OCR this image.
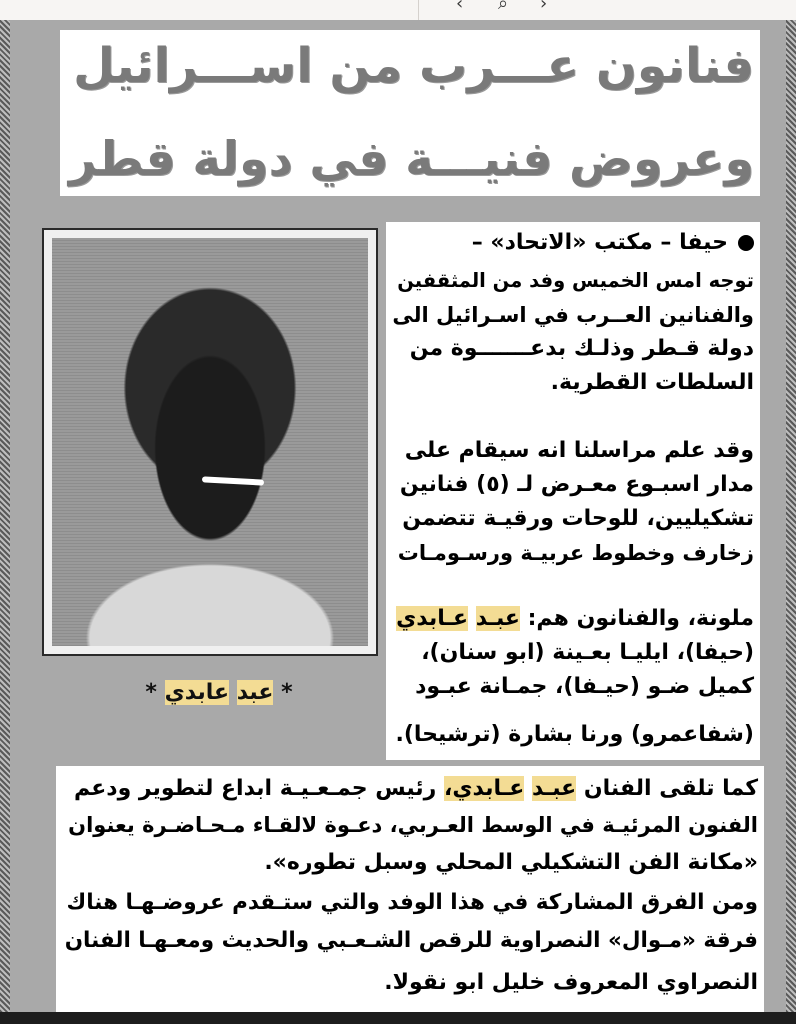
‹ ⌕ ›
فنانون عـــرب من اســـرائيل
وعروض فنيـــة في دولة قطر
* عبد عابدي *
حيفا – مكتب «الاتحاد» –
توجه امس الخميس وفد من المثقفين
والفنانين العــرب في اسـرائيل الى
دولة قـطر وذلـك بدعـــــــوة من
السلطات القطرية.
وقد علم مراسلنا انه سيقام على
مدار اسبـوع معـرض لـ (٥) فنانين
تشكيليين، للوحات ورقيـة تتضمن
زخارف وخطوط عربيـة ورسـومـات
ملونة، والفنانون هم: عبـد عـابدي
(حيفا)، ايليـا بعـينة (ابو سنان)،
كميل ضـو (حيـفا)، جمـانة عبـود
(شفاعمرو) ورنا بشارة (ترشيحا).
كما تلقى الفنان عبـد عـابدي، رئيس جمـعـيـة ابداع لتطوير ودعم
الفنون المرئيـة في الوسط العـربي، دعـوة لالقـاء مـحـاضـرة يعنوان
«مكانة الفن التشكيلي المحلي وسبل تطوره».
ومن الفرق المشاركة في هذا الوفد والتي ستـقدم عروضـهـا هناك
فرقة «مـوال» النصراوية للرقص الشـعـبي والحديث ومعـهـا الفنان
النصراوي المعروف خليل ابو نقولا.
